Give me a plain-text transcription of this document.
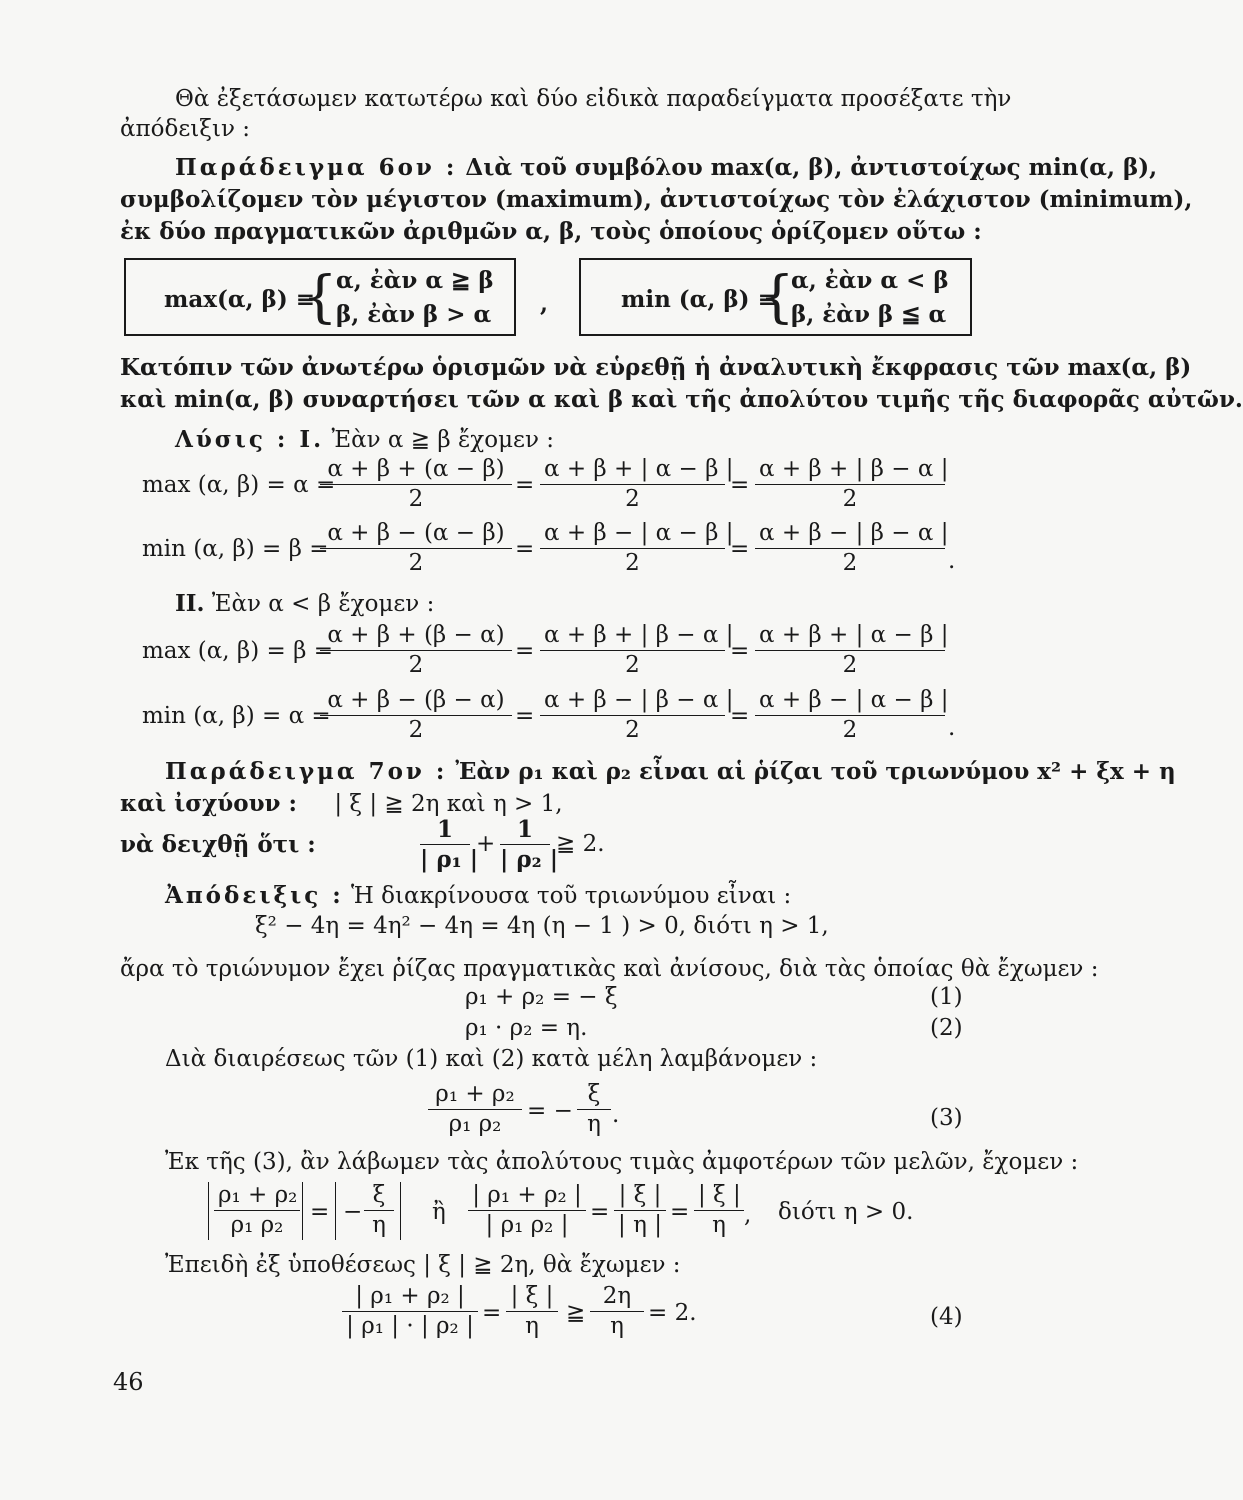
Θὰ ἐξετάσωμεν κατωτέρω καὶ δύο εἰδικὰ παραδείγματα προσέξατε τὴν
ἀπόδειξιν :
Παράδειγμα 6ον : Διὰ τοῦ συμβόλου max(α, β), ἀντιστοίχως min(α, β),
συμβολίζομεν τὸν μέγιστον (maximum), ἀντιστοίχως τὸν ἐλάχιστον (minimum),
ἐκ δύο πραγματικῶν ἀριθμῶν α, β, τοὺς ὁποίους ὁρίζομεν οὕτω :
max(α, β) ≡
{
α, ἐὰν α ≧ β
β, ἐὰν β > α ,	min (α, β) ≡
{
α, ἐὰν α < β
β, ἐὰν β ≦ α
Κατόπιν τῶν ἀνωτέρω ὁρισμῶν νὰ εὑρεθῇ ἡ ἀναλυτικὴ ἔκφρασις τῶν max(α, β)
καὶ min(α, β) συναρτήσει τῶν α καὶ β καὶ τῆς ἀπολύτου τιμῆς τῆς διαφορᾶς αὐτῶν.
Λύσις : Ι. Ἐὰν α ≧ β ἔχομεν :
max (α, β) = α =
$\frac{\alpha + \beta + (\alpha - \beta)}{2} = \frac{\alpha + \beta + | \alpha - \beta |}{2} = \frac{\alpha + \beta + | \beta - \alpha |}{2}$
min (α, β) = β =
$\frac{\alpha + \beta - (\alpha - \beta)}{2} = \frac{\alpha + \beta - | \alpha - \beta |}{2} = \frac{\alpha + \beta - | \beta - \alpha |}{2}$ .
ΙΙ. Ἐὰν α < β ἔχομεν :
max (α, β) = β =
$\frac{\alpha + \beta + (\beta - \alpha)}{2} = \frac{\alpha + \beta + | \beta - \alpha |}{2} = \frac{\alpha + \beta + | \alpha - \beta |}{2}$
min (α, β) = α =
$\frac{\alpha + \beta - (\beta - \alpha)}{2} = \frac{\alpha + \beta - | \beta - \alpha |}{2} = \frac{\alpha + \beta - | \alpha - \beta |}{2}$ .
Παράδειγμα 7ον : Ἐὰν ρ₁ καὶ ρ₂ εἶναι αἱ ῥίζαι τοῦ τριωνύμου x² + ξx + η
καὶ ἰσχύουν : | ξ | ≧ 2η καὶ η > 1,
νὰ δειχθῇ ὅτι :	$\frac{1}{\text{| ρ₁ |}} + \frac{1}{\text{| ρ₂ |}}$ ≧ 2.
Ἀπόδειξις : Ἡ διακρίνουσα τοῦ τριωνύμου εἶναι :
ξ² − 4η = 4η² − 4η = 4η (η − 1 ) > 0, διότι η > 1,
ἄρα τὸ τριώνυμον ἔχει ῥίζας πραγματικὰς καὶ ἀνίσους, διὰ τὰς ὁποίας θὰ ἔχωμεν :
ρ₁ + ρ₂ = − ξ	(1)
ρ₁ · ρ₂ = η.	(2)
Διὰ διαιρέσεως τῶν (1) καὶ (2) κατὰ μέλη λαμβάνομεν :
$\frac{\text{ρ₁ + ρ₂}}{\text{ρ₁ ρ₂}}$ = − $\frac{\xi}{\eta}$ .	(3)
Ἐκ τῆς (3), ἂν λάβωμεν τὰς ἀπολύτους τιμὰς ἀμφοτέρων τῶν μελῶν, ἔχομεν :
$\frac{\text{ρ₁ + ρ₂}}{\text{ρ₁ ρ₂}}$ = − $\frac{\xi}{\eta}$ ἢ $\frac{\text{| ρ₁ + ρ₂ |}}{\text{| ρ₁ ρ₂ |}} = \frac{| \xi |}{| \eta |} = \frac{| \xi |}{\eta}$ , διότι η > 0.
Ἐπειδὴ ἐξ ὑποθέσεως | ξ | ≧ 2η, θὰ ἔχωμεν :
$\frac{\text{| ρ₁ + ρ₂ |}}{\text{| ρ₁ | · | ρ₂ |}} = \frac{| \xi |}{\eta}$ ≧ $\frac{2\eta}{\eta} = 2$.	(4)
46
